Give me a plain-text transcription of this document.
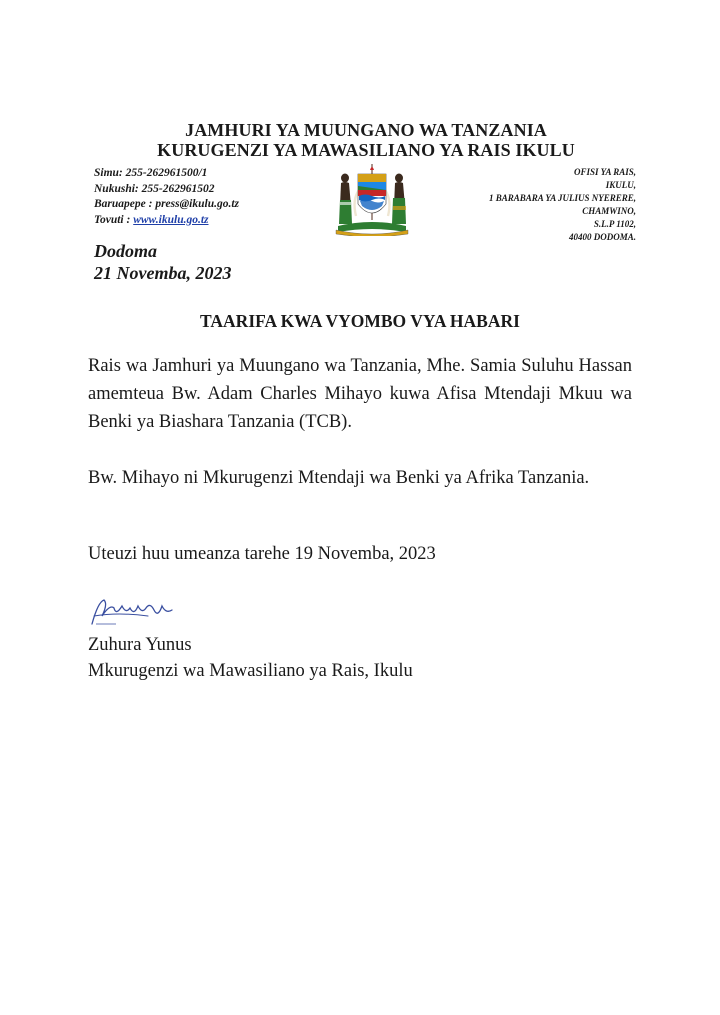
JAMHURI YA MUUNGANO WA TANZANIA
KURUGENZI YA MAWASILIANO YA RAIS IKULU
Simu: 255-262961500/1
Nukushi: 255-262961502
Baruapepe : press@ikulu.go.tz
Tovuti : www.ikulu.go.tz
OFISI YA RAIS,
IKULU,
1 BARABARA YA JULIUS NYERERE,
CHAMWINO,
S.L.P 1102,
40400 DODOMA.
Dodoma
21 Novemba, 2023
TAARIFA KWA VYOMBO VYA HABARI
Rais wa Jamhuri ya Muungano wa Tanzania, Mhe. Samia Suluhu Hassan amemteua Bw. Adam Charles Mihayo kuwa Afisa Mtendaji Mkuu wa Benki ya Biashara Tanzania (TCB).
Bw. Mihayo ni Mkurugenzi Mtendaji wa Benki ya Afrika Tanzania.
Uteuzi huu umeanza tarehe 19 Novemba, 2023
Zuhura Yunus
Mkurugenzi wa Mawasiliano ya Rais, Ikulu
